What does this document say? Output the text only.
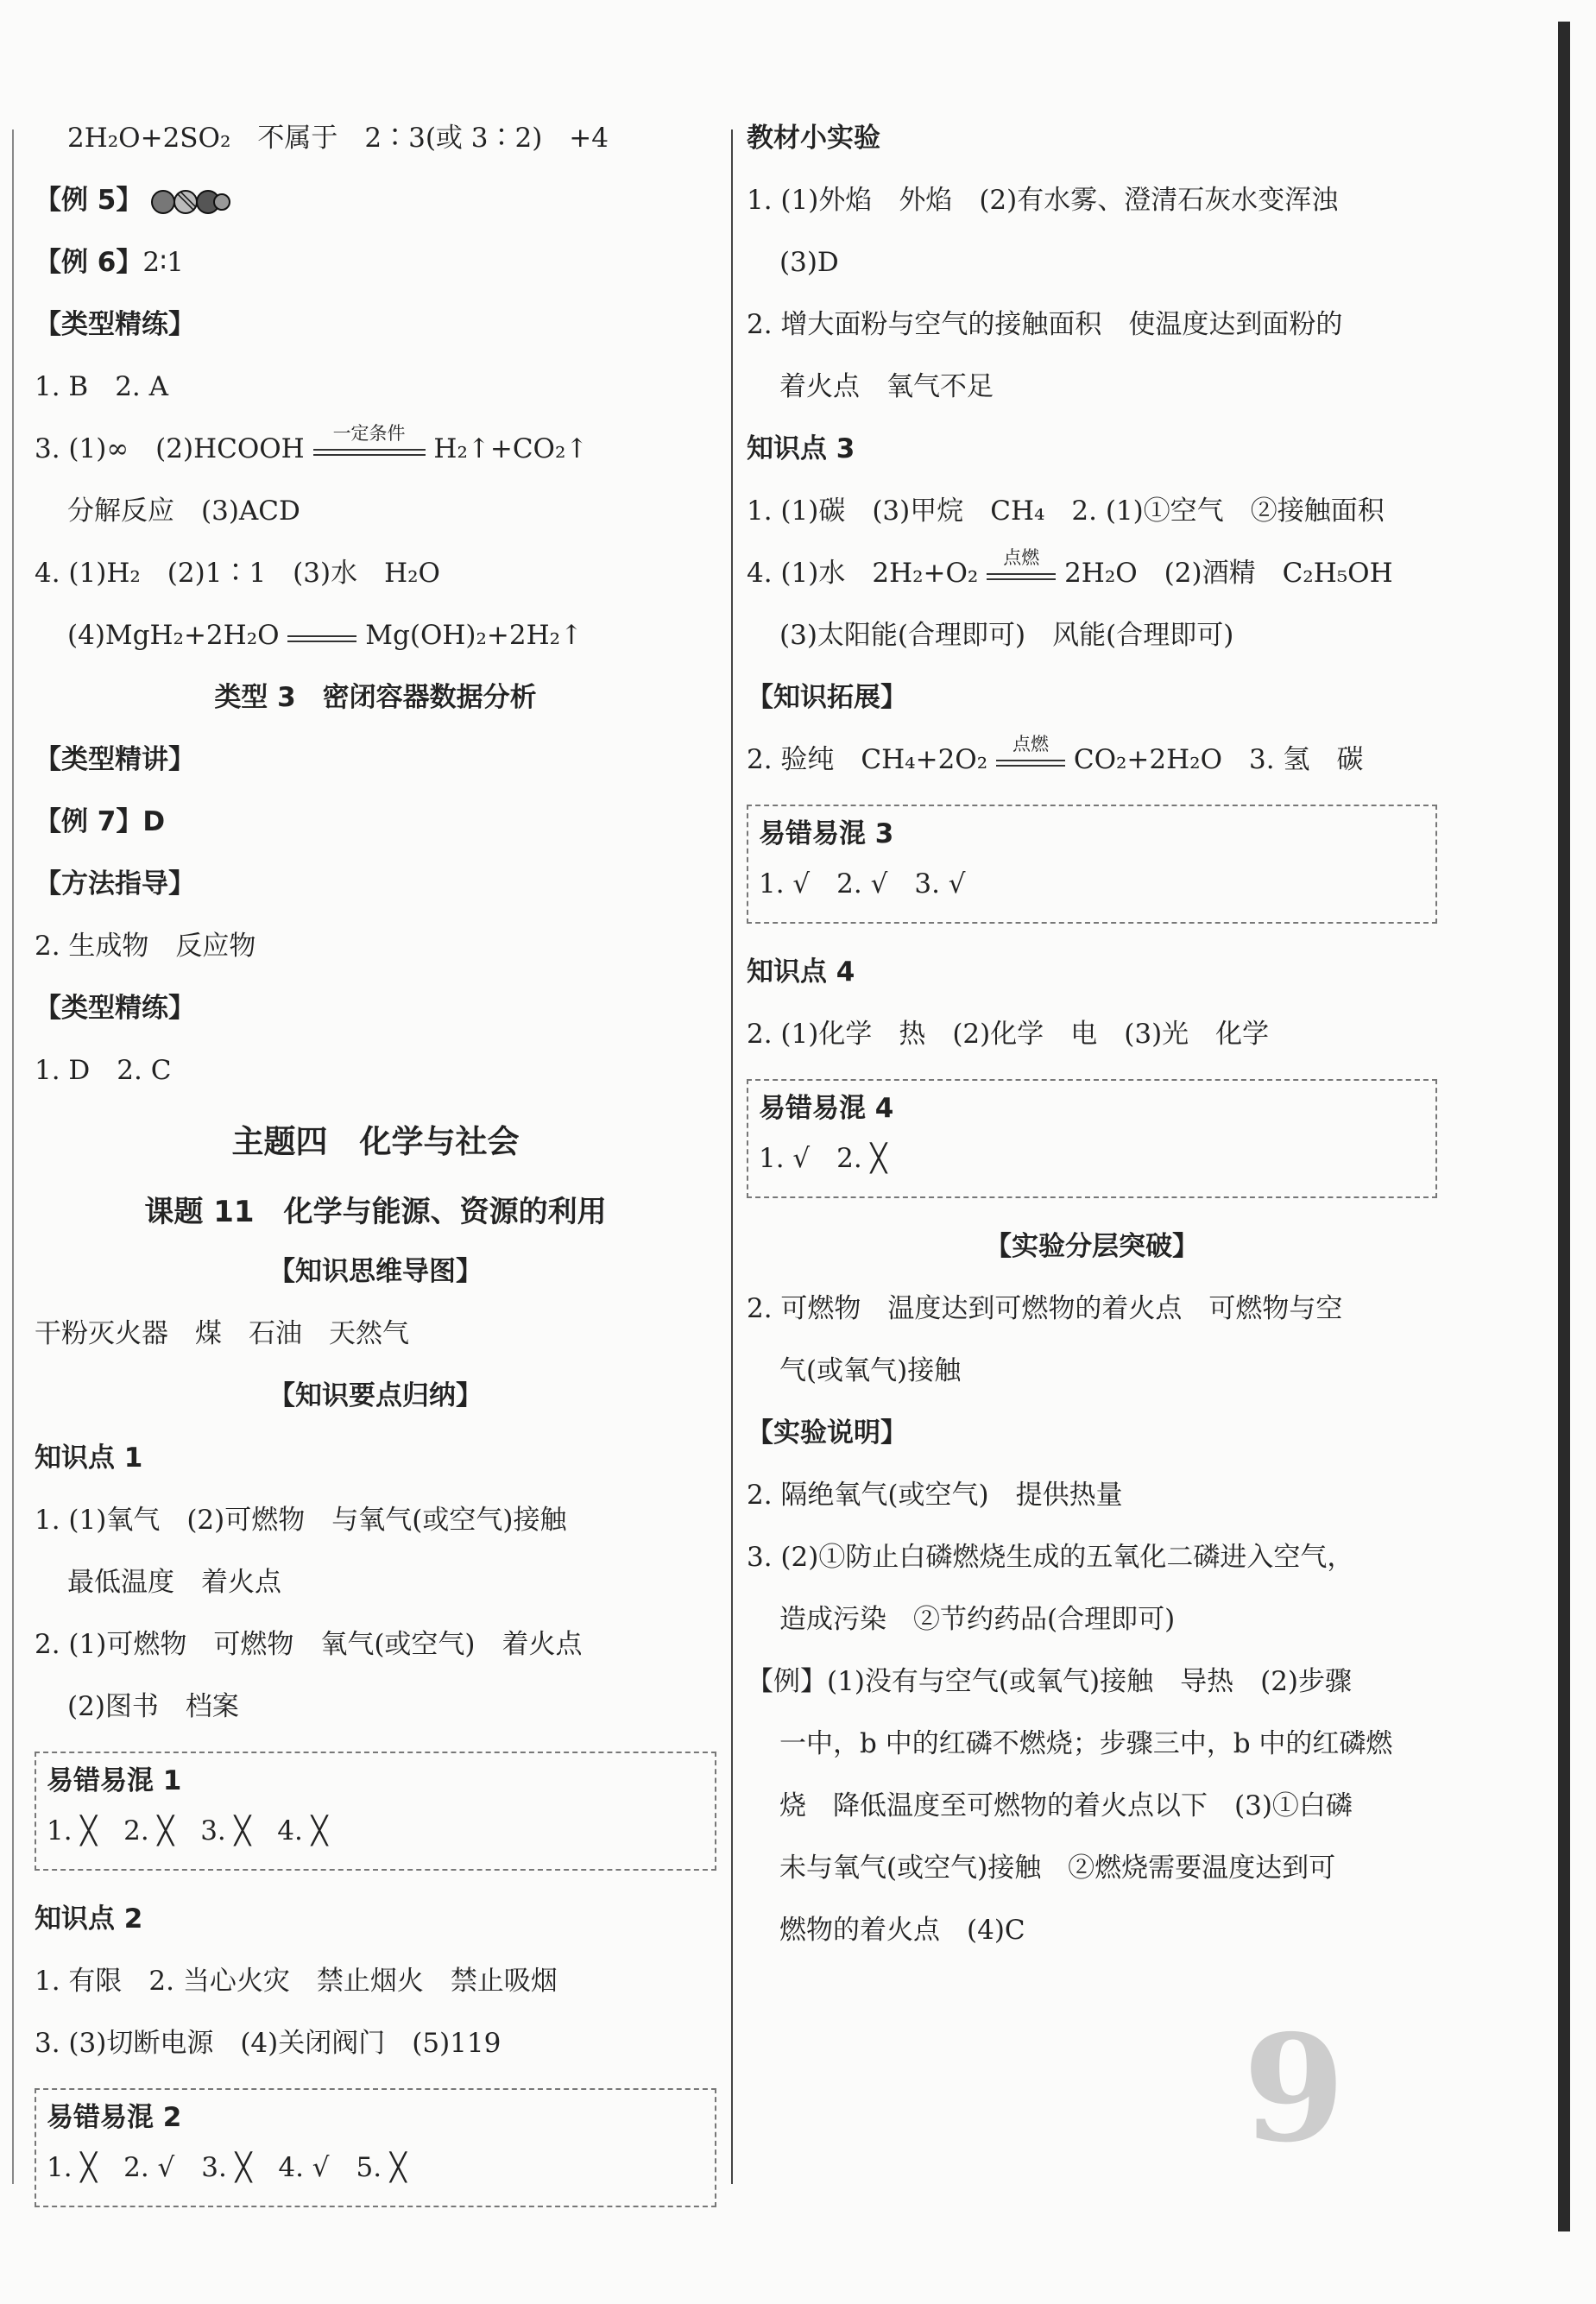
2H₂O+2SO₂　不属于　2∶3(或 3∶2)　+4
【例 5】
【例 6】2∶1
【类型精练】
1. B　2. A
3. (1)∞　(2)HCOOH
一定条件
H₂↑+CO₂↑
分解反应　(3)ACD
4. (1)H₂　(2)1∶1　(3)水　H₂O
(4)MgH₂+2H₂O	Mg(OH)₂+2H₂↑
类型 3　密闭容器数据分析
【类型精讲】
【例 7】D
【方法指导】
2. 生成物　反应物
【类型精练】
1. D　2. C
主题四　化学与社会
课题 11　化学与能源、资源的利用
【知识思维导图】
干粉灭火器　煤　石油　天然气
【知识要点归纳】
知识点 1
1. (1)氧气　(2)可燃物　与氧气(或空气)接触
最低温度　着火点
2. (1)可燃物　可燃物　氧气(或空气)　着火点
(2)图书　档案
易错易混 1
1. ╳　2. ╳　3. ╳　4. ╳
知识点 2
1. 有限　2. 当心火灾　禁止烟火　禁止吸烟
3. (3)切断电源　(4)关闭阀门　(5)119
易错易混 2
1. ╳　2. √　3. ╳　4. √　5. ╳
教材小实验
1. (1)外焰　外焰　(2)有水雾、澄清石灰水变浑浊
(3)D
2. 增大面粉与空气的接触面积　使温度达到面粉的
着火点　氧气不足
知识点 3
1. (1)碳　(3)甲烷　CH₄　2. (1)①空气　②接触面积
4. (1)水　2H₂+O₂
点燃
2H₂O　(2)酒精　C₂H₅OH
(3)太阳能(合理即可)　风能(合理即可)
【知识拓展】
2. 验纯　CH₄+2O₂
点燃
CO₂+2H₂O　3. 氢　碳
易错易混 3
1. √　2. √　3. √
知识点 4
2. (1)化学　热　(2)化学　电　(3)光　化学
易错易混 4
1. √　2. ╳
【实验分层突破】
2. 可燃物　温度达到可燃物的着火点　可燃物与空
气(或氧气)接触
【实验说明】
2. 隔绝氧气(或空气)　提供热量
3. (2)①防止白磷燃烧生成的五氧化二磷进入空气，
造成污染　②节约药品(合理即可)
【例】(1)没有与空气(或氧气)接触　导热　(2)步骤
一中，b 中的红磷不燃烧；步骤三中，b 中的红磷燃
烧　降低温度至可燃物的着火点以下　(3)①白磷
未与氧气(或空气)接触　②燃烧需要温度达到可
燃物的着火点　(4)C
9
